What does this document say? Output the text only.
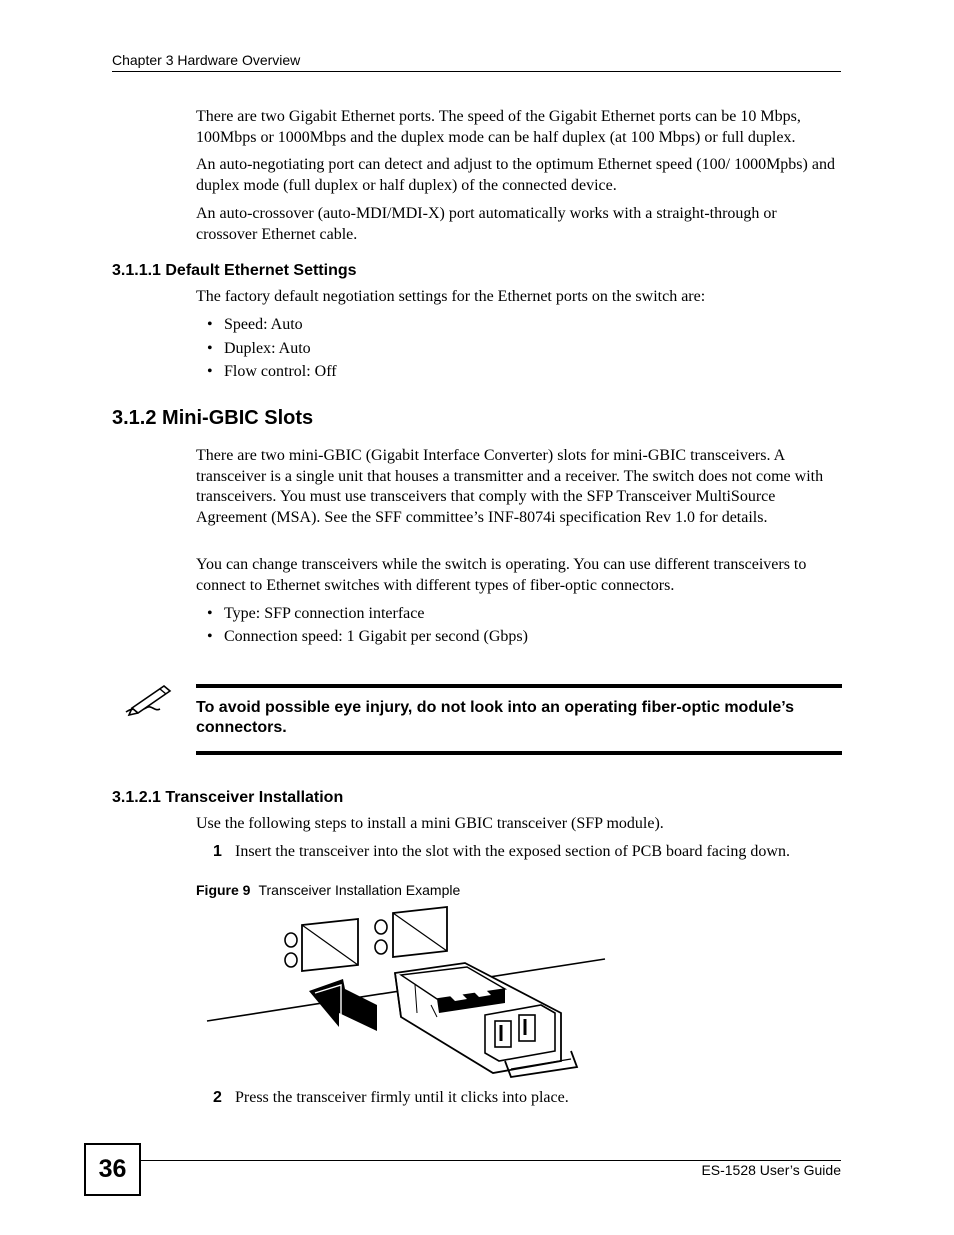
Chapter 3 Hardware Overview
There are two Gigabit Ethernet ports. The speed of the Gigabit Ethernet ports can be 10 Mbps, 100Mbps or 1000Mbps and the duplex mode can be half duplex (at 100 Mbps) or full duplex.
An auto-negotiating port can detect and adjust to the optimum Ethernet speed (100/ 1000Mpbs) and duplex mode (full duplex or half duplex) of the connected device.
An auto-crossover (auto-MDI/MDI-X) port automatically works with a straight-through or crossover Ethernet cable.
3.1.1.1 Default Ethernet Settings
The factory default negotiation settings for the Ethernet ports on the switch are:
• Speed: Auto
• Duplex: Auto
• Flow control: Off
3.1.2 Mini-GBIC Slots
There are two mini-GBIC (Gigabit Interface Converter) slots for mini-GBIC transceivers. A transceiver is a single unit that houses a transmitter and a receiver. The switch does not come with transceivers. You must use transceivers that comply with the SFP Transceiver MultiSource Agreement (MSA). See the SFF committee’s INF-8074i specification Rev 1.0 for details.
You can change transceivers while the switch is operating. You can use different transceivers to connect to Ethernet switches with different types of fiber-optic connectors.
• Type: SFP connection interface
• Connection speed: 1 Gigabit per second (Gbps)
To avoid possible eye injury, do not look into an operating fiber-optic module’s connectors.
3.1.2.1 Transceiver Installation
Use the following steps to install a mini GBIC transceiver (SFP module).
1 Insert the transceiver into the slot with the exposed section of PCB board facing down.
Figure 9 Transceiver Installation Example
2 Press the transceiver firmly until it clicks into place.
36	ES-1528 User’s Guide
